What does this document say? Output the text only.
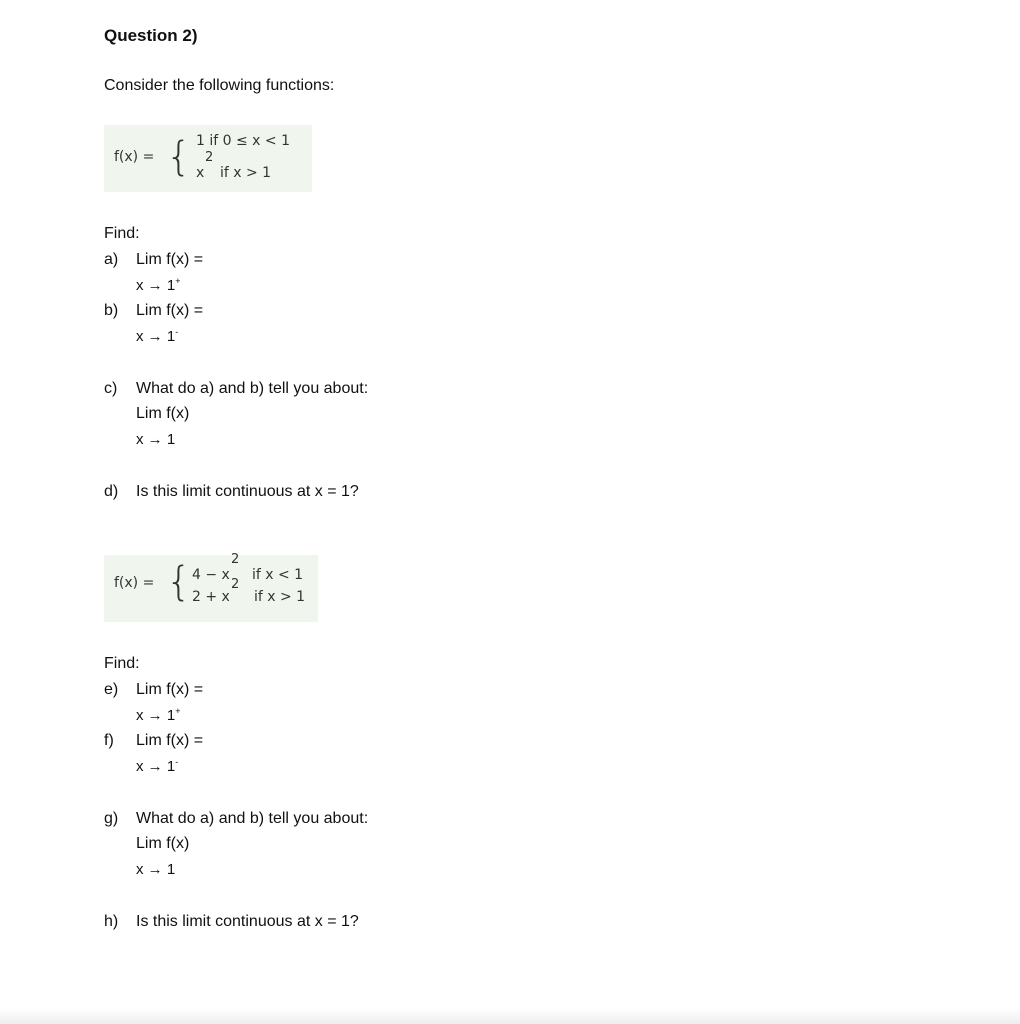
Question 2)
Consider the following functions:
f(x) = { 1 if 0 ≤ x < 1
2
x if x > 1
Find:
a) Lim f(x) =
x → 1+
b) Lim f(x) =
x → 1-
c) What do a) and b) tell you about:
Lim f(x)
x → 1
d) Is this limit continuous at x = 1?
f(x) = {	2
4 − x if x < 1
2
2 + x if x > 1
Find:
e) Lim f(x) =
x → 1+
f) Lim f(x) =
x → 1-
g) What do a) and b) tell you about:
Lim f(x)
x → 1
h) Is this limit continuous at x = 1?
